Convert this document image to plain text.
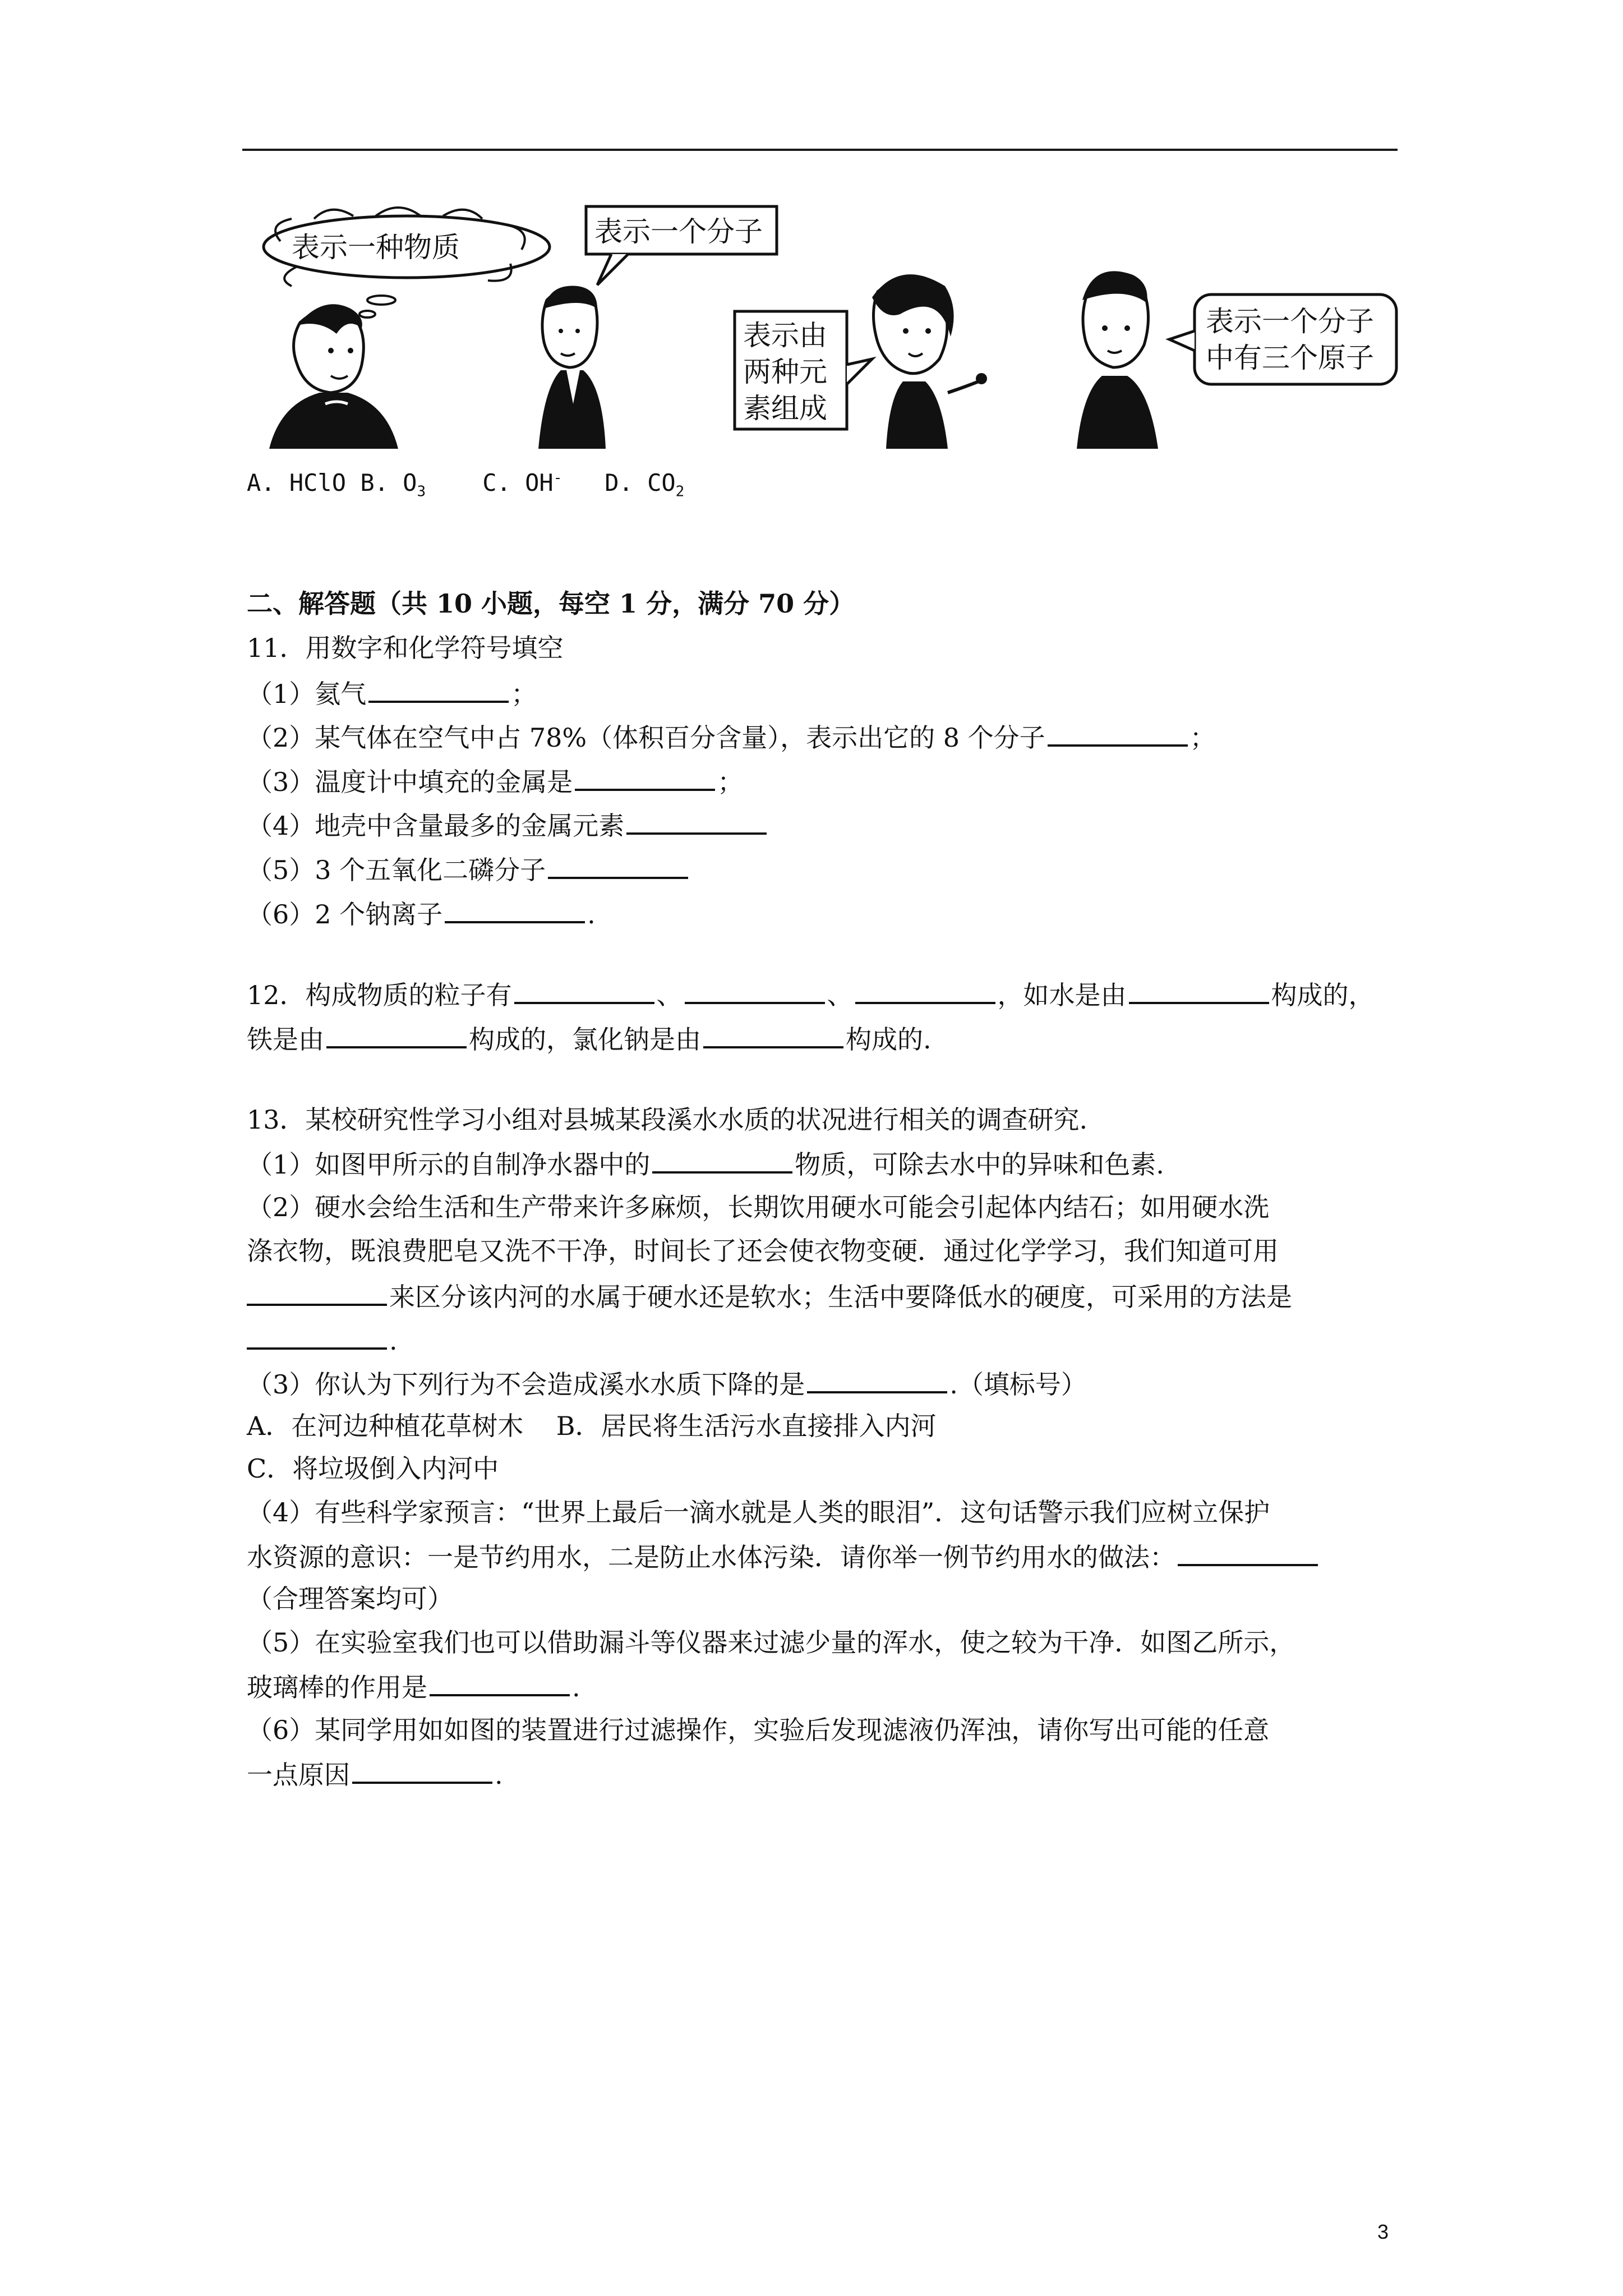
表示一种物质	表示一个分子
表示由
两种元
素组成
表示一个分子
中有三个原子
A. HClO B. $O_3$ C. OH- D. $CO_2$
二、解答题（共 10 小题，每空 1 分，满分 70 分）
11．用数字和化学符号填空
（1）氦气	；
（2）某气体在空气中占 78%（体积百分含量），表示出它的 8 个分子	；
（3）温度计中填充的金属是	；
（4）地壳中含量最多的金属元素
（5）3 个五氧化二磷分子
（6）2 个钠离子	.
12．构成物质的粒子有	、	、	，如水是由	构成的，
铁是由	构成的，氯化钠是由	构成的.
13．某校研究性学习小组对县城某段溪水水质的状况进行相关的调查研究.
（1）如图甲所示的自制净水器中的	物质，可除去水中的异味和色素.
（2）硬水会给生活和生产带来许多麻烦，长期饮用硬水可能会引起体内结石；如用硬水洗
涤衣物，既浪费肥皂又洗不干净，时间长了还会使衣物变硬．通过化学学习，我们知道可用
来区分该内河的水属于硬水还是软水；生活中要降低水的硬度，可采用的方法是
.
（3）你认为下列行为不会造成溪水水质下降的是	.（填标号）
A．在河边种植花草树木 B．居民将生活污水直接排入内河
C．将垃圾倒入内河中
（4）有些科学家预言：“世界上最后一滴水就是人类的眼泪”．这句话警示我们应树立保护
水资源的意识：一是节约用水，二是防止水体污染．请你举一例节约用水的做法：
（合理答案均可）
（5）在实验室我们也可以借助漏斗等仪器来过滤少量的浑水，使之较为干净．如图乙所示，
玻璃棒的作用是	.
（6）某同学用如如图的装置进行过滤操作，实验后发现滤液仍浑浊，请你写出可能的任意
一点原因	.
3
